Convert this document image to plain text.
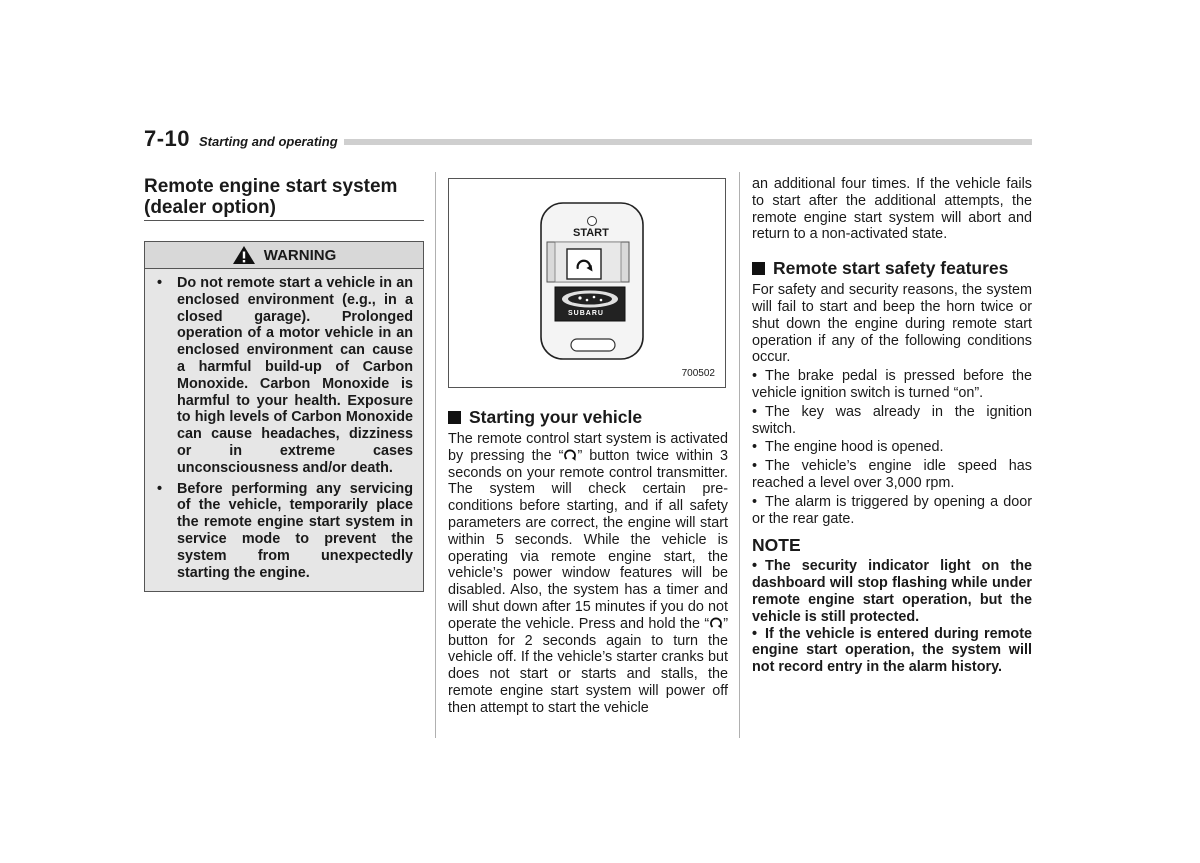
7-10 Starting and operating
Remote engine start system
(dealer option)
WARNING
• Do not remote start a vehicle in an enclosed environment (e.g., in a closed garage). Prolonged operation of a motor vehicle in an enclosed environment can cause a harmful build-up of Carbon Monoxide. Carbon Monoxide is harmful to your health. Exposure to high levels of Carbon Monoxide can cause headaches, dizziness or in extreme cases unconsciousness and/or death.
• Before performing any servicing of the vehicle, temporarily place the remote engine start system in service mode to prevent the system from unexpectedly starting the engine.
START
SUBARU
700502
Starting your vehicle

The remote control start system is activated by pressing the “ ” button twice within 3 seconds on your remote control transmitter. The system will check certain pre-conditions before starting, and if all safety parameters are correct, the engine will start within 5 seconds. While the vehicle is operating via remote engine start, the vehicle’s power window features will be disabled. Also, the system has a timer and will shut down after 15 minutes if you do not operate the vehicle. Press and hold the “ ” button for 2 seconds again to turn the vehicle off. If the vehicle’s starter cranks but does not start or starts and stalls, the remote engine start system will power off then attempt to start the vehicle

an additional four times. If the vehicle fails to start after the additional attempts, the remote engine start system will abort and return to a non-activated state.

Remote start safety features

For safety and security reasons, the system will fail to start and beep the horn twice or shut down the engine during remote start operation if any of the following conditions occur.

• The brake pedal is pressed before the vehicle ignition switch is turned “on”.
• The key was already in the ignition switch.
• The engine hood is opened.
• The vehicle’s engine idle speed has reached a level over 3,000 rpm.
• The alarm is triggered by opening a door or the rear gate.
NOTE
• The security indicator light on the dashboard will stop flashing while under remote engine start operation, but the vehicle is still protected.
• If the vehicle is entered during remote engine start operation, the system will not record entry in the alarm history.
